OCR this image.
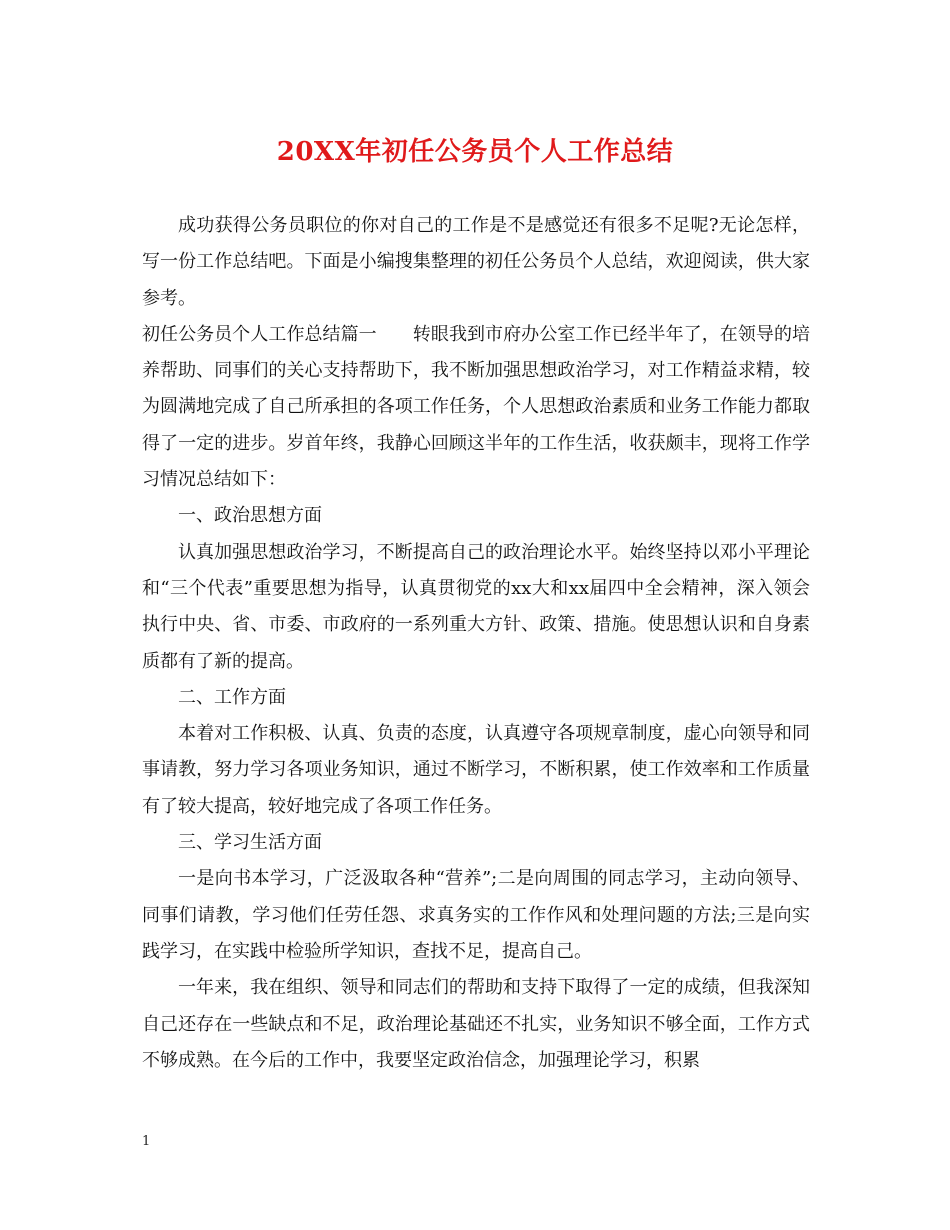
20XX年初任公务员个人工作总结

成功获得公务员职位的你对自己的工作是不是感觉还有很多不足呢?无论怎样，写一份工作总结吧。下面是小编搜集整理的初任公务员个人总结，欢迎阅读，供大家参考。

初任公务员个人工作总结篇一　　转眼我到市府办公室工作已经半年了，在领导的培养帮助、同事们的关心支持帮助下，我不断加强思想政治学习，对工作精益求精，较为圆满地完成了自己所承担的各项工作任务，个人思想政治素质和业务工作能力都取得了一定的进步。岁首年终，我静心回顾这半年的工作生活，收获颇丰，现将工作学习情况总结如下：

一、政治思想方面

认真加强思想政治学习，不断提高自己的政治理论水平。始终坚持以邓小平理论和“三个代表”重要思想为指导，认真贯彻党的xx大和xx届四中全会精神，深入领会执行中央、省、市委、市政府的一系列重大方针、政策、措施。使思想认识和自身素质都有了新的提高。

二、工作方面

本着对工作积极、认真、负责的态度，认真遵守各项规章制度，虚心向领导和同事请教，努力学习各项业务知识，通过不断学习，不断积累，使工作效率和工作质量有了较大提高，较好地完成了各项工作任务。

三、学习生活方面

一是向书本学习，广泛汲取各种“营养”;二是向周围的同志学习，主动向领导、同事们请教，学习他们任劳任怨、求真务实的工作作风和处理问题的方法;三是向实践学习，在实践中检验所学知识，查找不足，提高自己。

一年来，我在组织、领导和同志们的帮助和支持下取得了一定的成绩，但我深知自己还存在一些缺点和不足，政治理论基础还不扎实，业务知识不够全面，工作方式不够成熟。在今后的工作中，我要坚定政治信念，加强理论学习，积累

1
